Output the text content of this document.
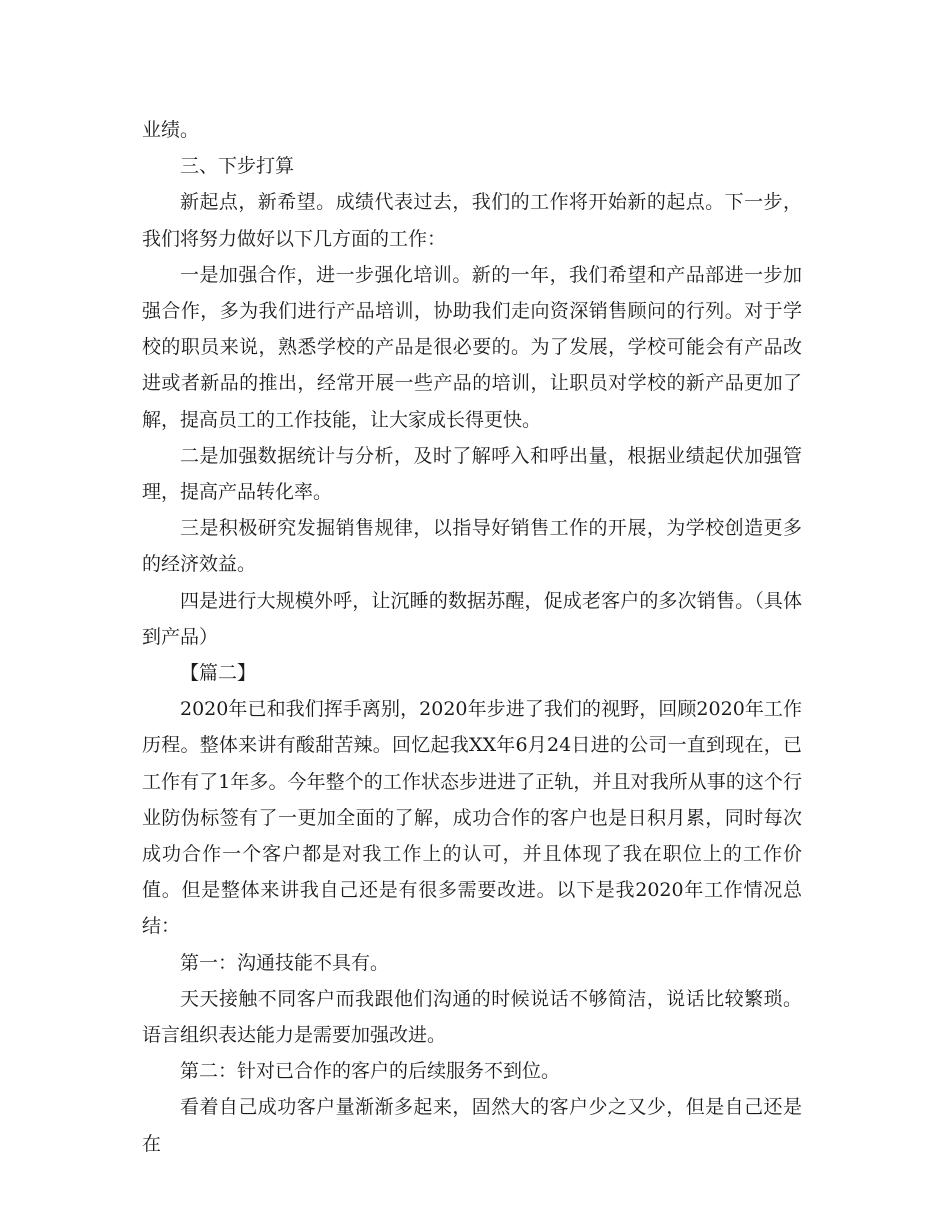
业绩。

三、下步打算

新起点，新希望。成绩代表过去，我们的工作将开始新的起点。下一步，我们将努力做好以下几方面的工作：

一是加强合作，进一步强化培训。新的一年，我们希望和产品部进一步加强合作，多为我们进行产品培训，协助我们走向资深销售顾问的行列。对于学校的职员来说，熟悉学校的产品是很必要的。为了发展，学校可能会有产品改进或者新品的推出，经常开展一些产品的培训，让职员对学校的新产品更加了解，提高员工的工作技能，让大家成长得更快。

二是加强数据统计与分析，及时了解呼入和呼出量，根据业绩起伏加强管理，提高产品转化率。

三是积极研究发掘销售规律，以指导好销售工作的开展，为学校创造更多的经济效益。

四是进行大规模外呼，让沉睡的数据苏醒，促成老客户的多次销售。（具体到产品）

【篇二】

2020年已和我们挥手离别，2020年步进了我们的视野，回顾2020年工作历程。整体来讲有酸甜苦辣。回忆起我XX年6月24日进的公司一直到现在，已工作有了1年多。今年整个的工作状态步进进了正轨，并且对我所从事的这个行业防伪标签有了一更加全面的了解，成功合作的客户也是日积月累，同时每次成功合作一个客户都是对我工作上的认可，并且体现了我在职位上的工作价值。但是整体来讲我自己还是有很多需要改进。以下是我2020年工作情况总结：

第一：沟通技能不具有。

天天接触不同客户而我跟他们沟通的时候说话不够简洁，说话比较繁琐。语言组织表达能力是需要加强改进。

第二：针对已合作的客户的后续服务不到位。

看着自己成功客户量渐渐多起来，固然大的客户少之又少，但是自己还是在
